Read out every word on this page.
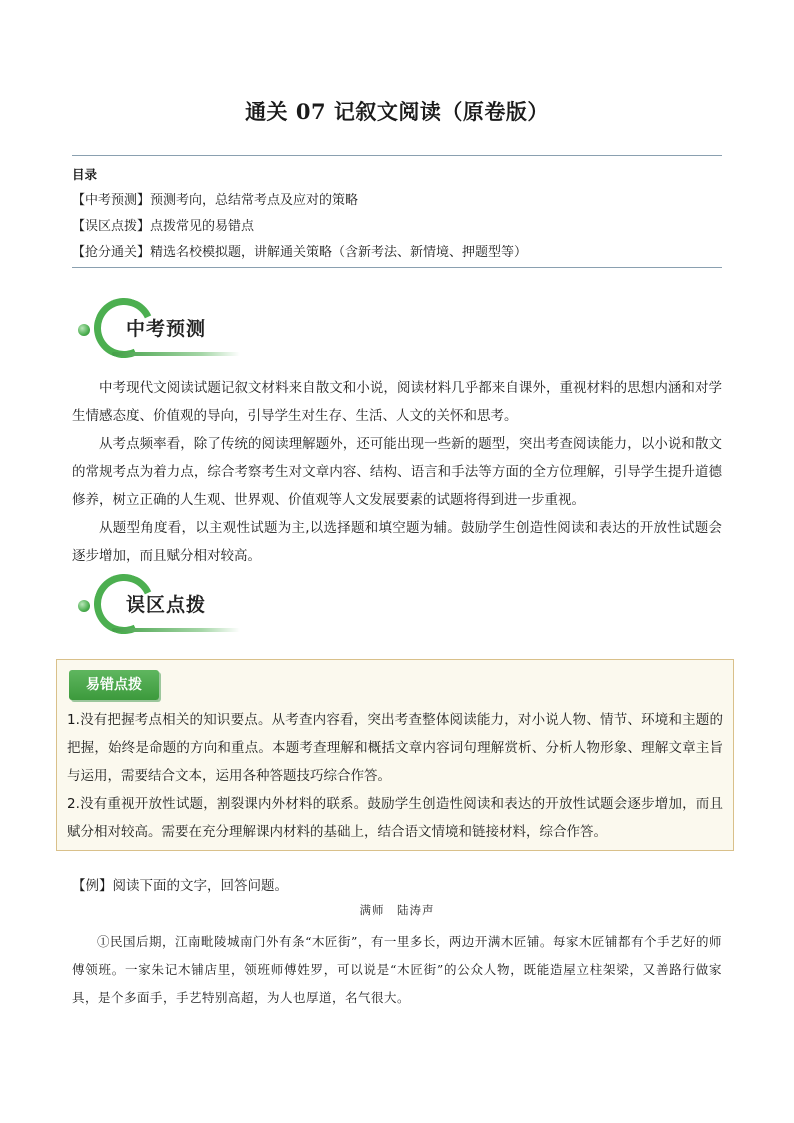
通关 07 记叙文阅读（原卷版）
目录
【中考预测】预测考向，总结常考点及应对的策略
【误区点拨】点拨常见的易错点
【抢分通关】精选名校模拟题，讲解通关策略（含新考法、新情境、押题型等）
中考预测
中考现代文阅读试题记叙文材料来自散文和小说，阅读材料几乎都来自课外，重视材料的思想内涵和对学生情感态度、价值观的导向，引导学生对生存、生活、人文的关怀和思考。
从考点频率看，除了传统的阅读理解题外，还可能出现一些新的题型，突出考查阅读能力，以小说和散文的常规考点为着力点，综合考察考生对文章内容、结构、语言和手法等方面的全方位理解，引导学生提升道德修养，树立正确的人生观、世界观、价值观等人文发展要素的试题将得到进一步重视。
从题型角度看，以主观性试题为主,以选择题和填空题为辅。鼓励学生创造性阅读和表达的开放性试题会逐步增加，而且赋分相对较高。
误区点拨
易错点拨
1.没有把握考点相关的知识要点。从考查内容看，突出考查整体阅读能力，对小说人物、情节、环境和主题的把握，始终是命题的方向和重点。本题考查理解和概括文章内容词句理解赏析、分析人物形象、理解文章主旨与运用，需要结合文本，运用各种答题技巧综合作答。
2.没有重视开放性试题，割裂课内外材料的联系。鼓励学生创造性阅读和表达的开放性试题会逐步增加，而且赋分相对较高。需要在充分理解课内材料的基础上，结合语文情境和链接材料，综合作答。
【例】阅读下面的文字，回答问题。
满师　陆涛声
①民国后期，江南毗陵城南门外有条“木匠街”，有一里多长，两边开满木匠铺。每家木匠铺都有个手艺好的师傅领班。一家朱记木铺店里，领班师傅姓罗，可以说是“木匠街”的公众人物，既能造屋立柱架梁，又善路行做家具，是个多面手，手艺特别高超，为人也厚道，名气很大。
